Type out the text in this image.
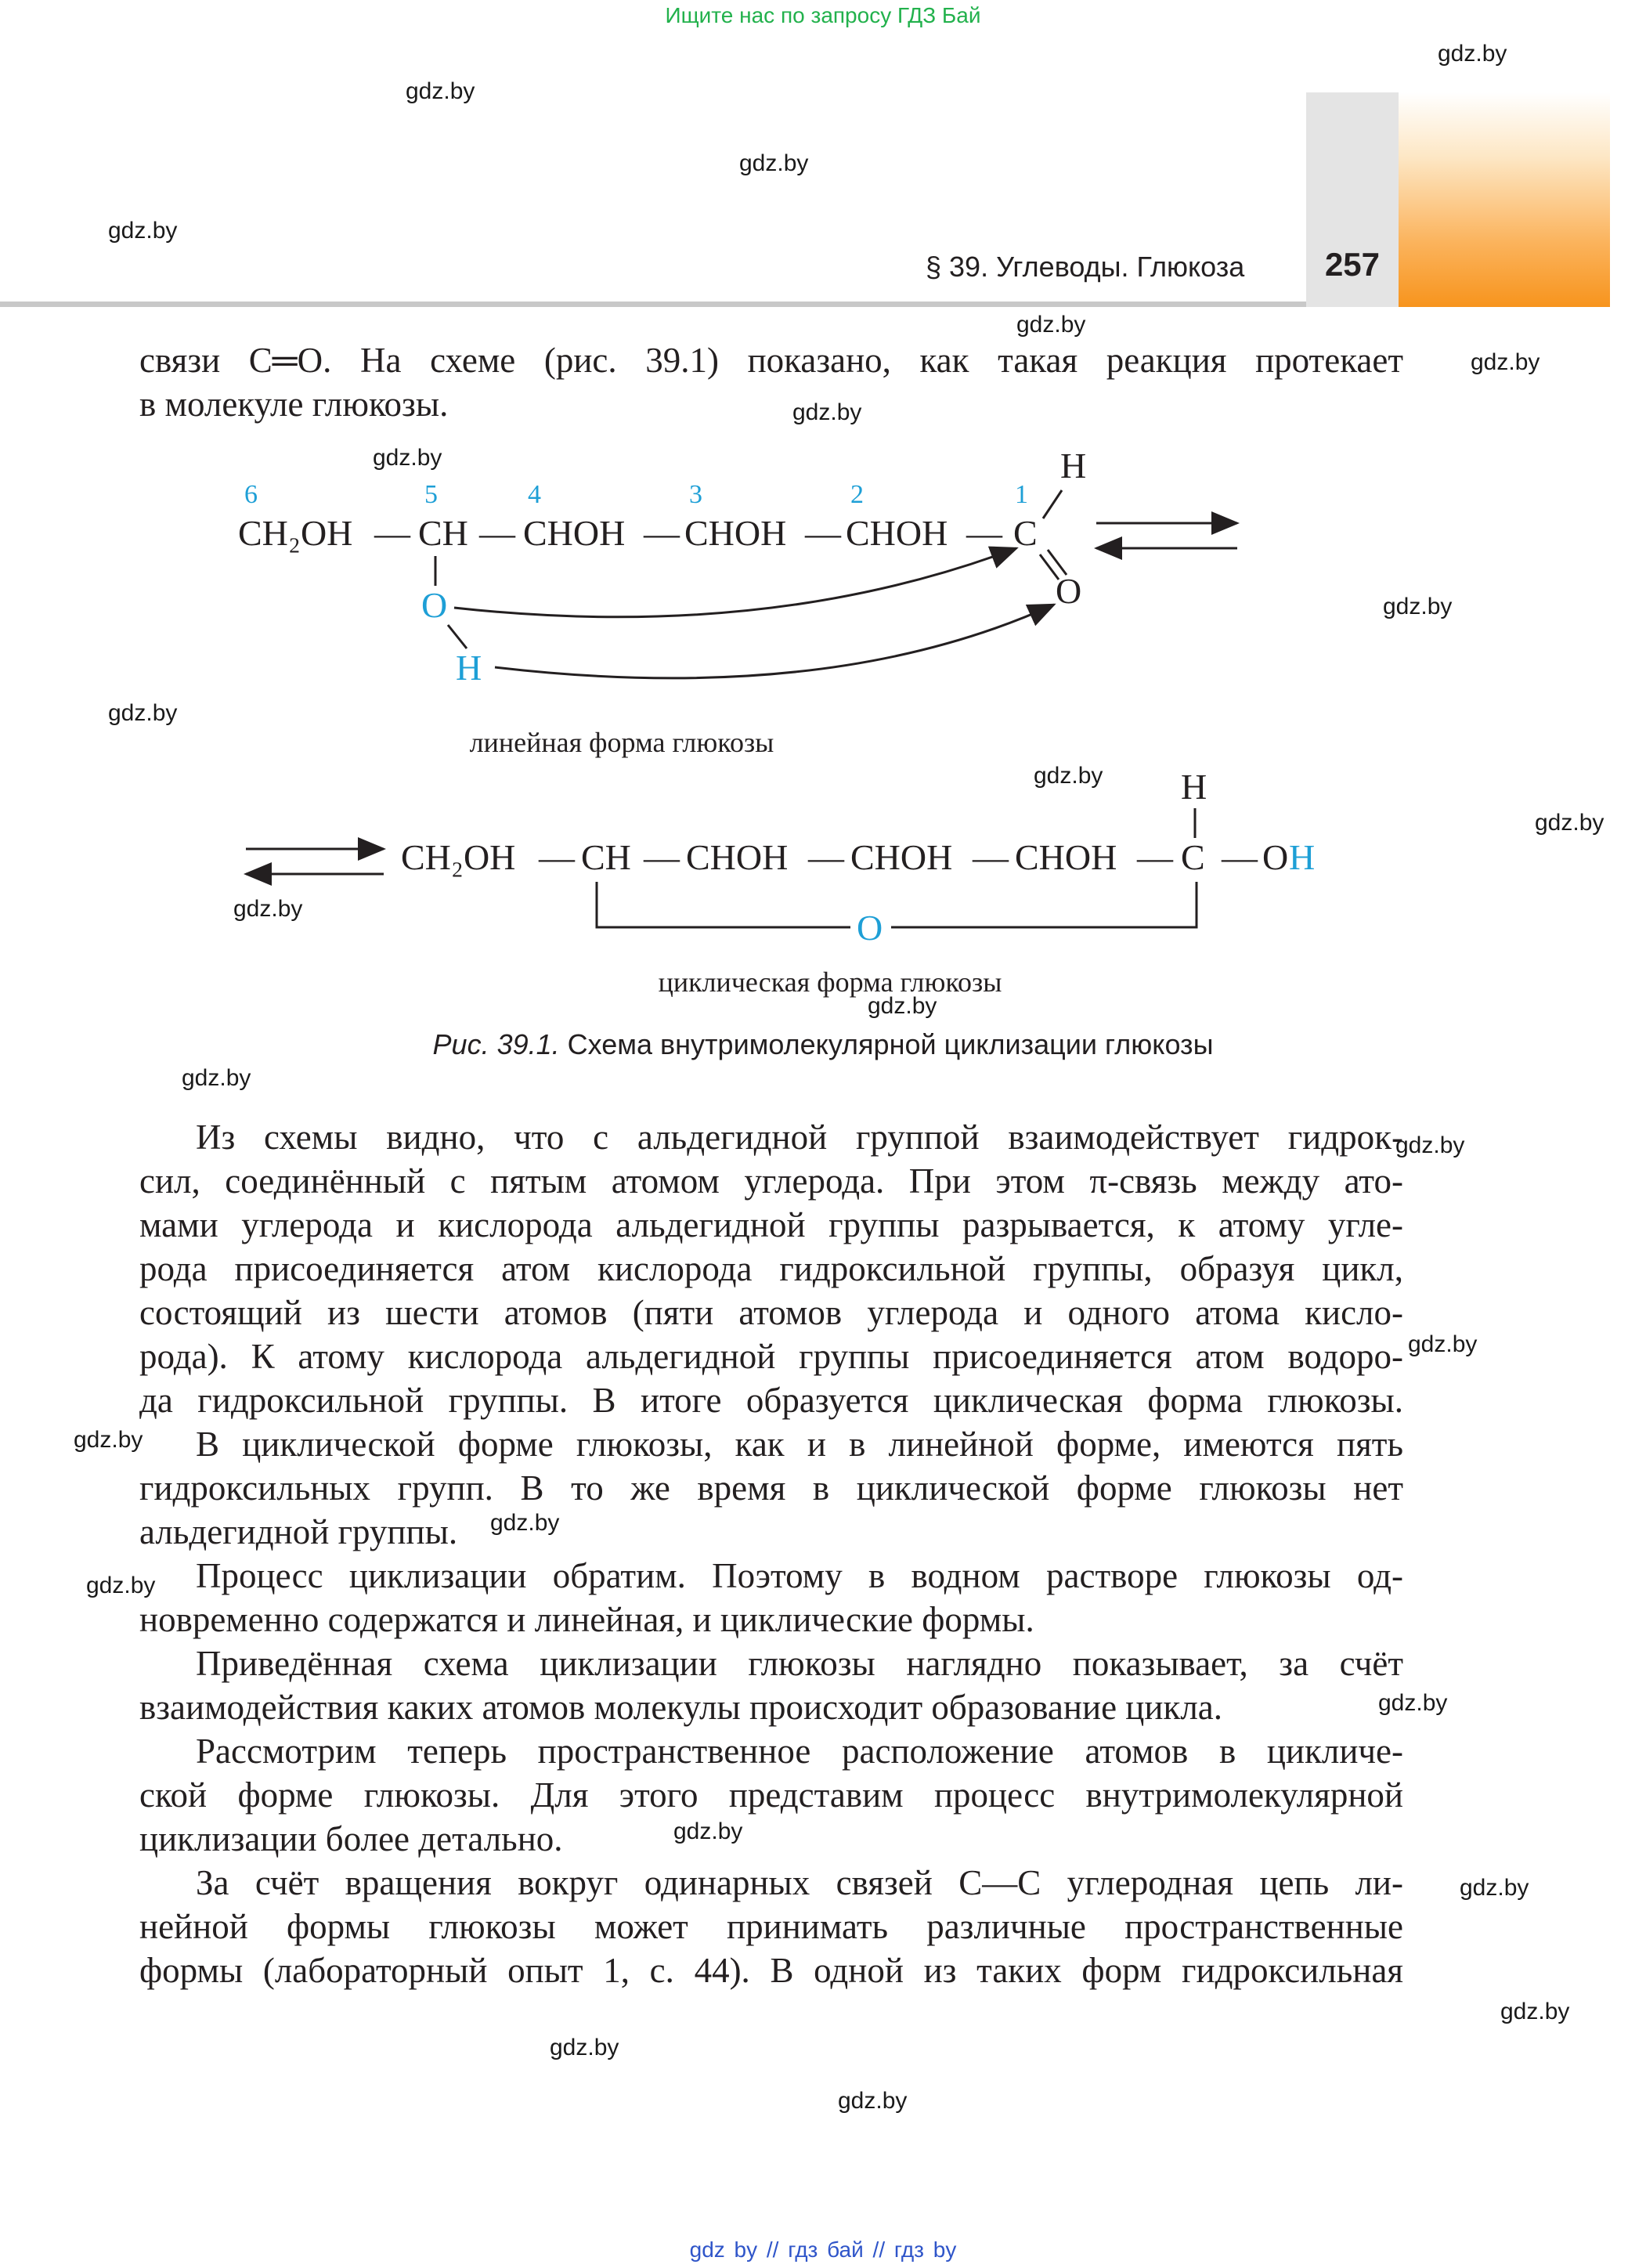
Ищите нас по запросу ГДЗ Бай
§ 39. Углеводы. Глюкоза	257
gdz.by
gdz.by
gdz.by
gdz.by
gdz.by
gdz.by
gdz.by
gdz.by
gdz.by
gdz.by
gdz.by
gdz.by
gdz.by
gdz.by
gdz.by
gdz.by
gdz.by
gdz.by
gdz.by
gdz.by
gdz.by
gdz.by
gdz.by
gdz.by
gdz.by
gdz.by
связи C═O. На схеме (рис. 39.1) показано, как такая реакция протекает
в молекуле глюкозы.
6	5	4	3	2	1
CH₂OH — CH — CHOH — CHOH — CHOH — C
H
O
O
H
линейная форма глюкозы
CH₂OH — CH — CHOH — CHOH — CHOH — C — O
H
H
O
циклическая форма глюкозы
Рис. 39.1. Схема внутримолекулярной циклизации глюкозы
Из схемы видно, что с альдегидной группой взаимодействует гидрок-
сил, соединённый с пятым атомом углерода. При этом π-связь между ато-
мами углерода и кислорода альдегидной группы разрывается, к атому угле-
рода присоединяется атом кислорода гидроксильной группы, образуя цикл,
состоящий из шести атомов (пяти атомов углерода и одного атома кисло-
рода). К атому кислорода альдегидной группы присоединяется атом водоро-
да гидроксильной группы. В итоге образуется циклическая форма глюкозы.
В циклической форме глюкозы, как и в линейной форме, имеются пять
гидроксильных групп. В то же время в циклической форме глюкозы нет
альдегидной группы.
Процесс циклизации обратим. Поэтому в водном растворе глюкозы од-
новременно содержатся и линейная, и циклические формы.
Приведённая схема циклизации глюкозы наглядно показывает, за счёт
взаимодействия каких атомов молекулы происходит образование цикла.
Рассмотрим теперь пространственное расположение атомов в цикличе-
ской форме глюкозы. Для этого представим процесс внутримолекулярной
циклизации более детально.
За счёт вращения вокруг одинарных связей C—C углеродная цепь ли-
нейной формы глюкозы может принимать различные пространственные
формы (лабораторный опыт 1, с. 44). В одной из таких форм гидроксильная
gdz by // гдз бай // гдз by
